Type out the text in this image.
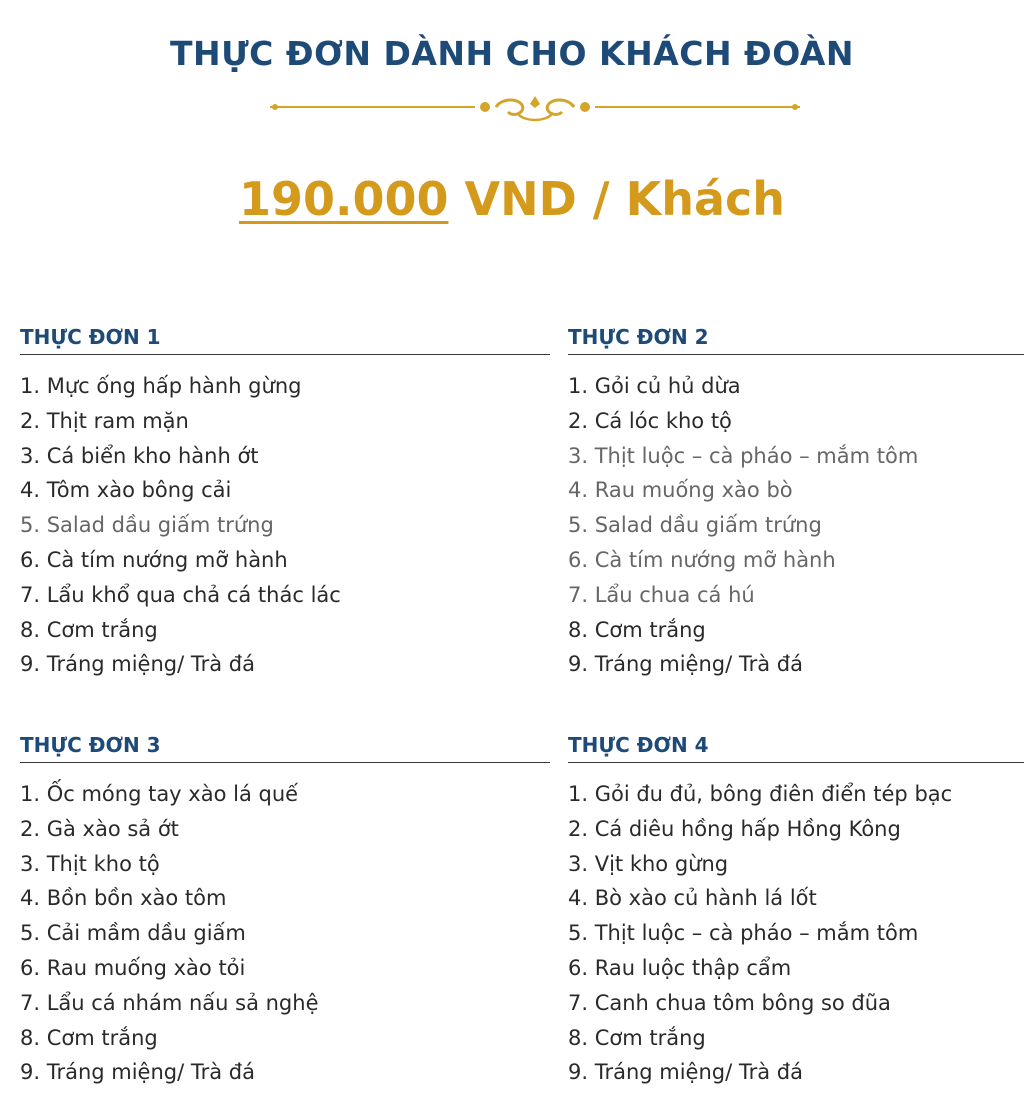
THỰC ĐƠN DÀNH CHO KHÁCH ĐOÀN
190.000 VND / Khách
THỰC ĐƠN 1
1. Mực ống hấp hành gừng
2. Thịt ram mặn
3. Cá biển kho hành ớt
4. Tôm xào bông cải
5. Salad dầu giấm trứng
6. Cà tím nướng mỡ hành
7. Lẩu khổ qua chả cá thác lác
8. Cơm trắng
9. Tráng miệng/ Trà đá
THỰC ĐƠN 2
1. Gỏi củ hủ dừa
2. Cá lóc kho tộ
3. Thịt luộc – cà pháo – mắm tôm
4. Rau muống xào bò
5. Salad dầu giấm trứng
6. Cà tím nướng mỡ hành
7. Lẩu chua cá hú
8. Cơm trắng
9. Tráng miệng/ Trà đá
THỰC ĐƠN 3
1. Ốc móng tay xào lá quế
2. Gà xào sả ớt
3. Thịt kho tộ
4. Bồn bồn xào tôm
5. Cải mầm dầu giấm
6. Rau muống xào tỏi
7. Lẩu cá nhám nấu sả nghệ
8. Cơm trắng
9. Tráng miệng/ Trà đá
THỰC ĐƠN 4
1. Gỏi đu đủ, bông điên điển tép bạc
2. Cá diêu hồng hấp Hồng Kông
3. Vịt kho gừng
4. Bò xào củ hành lá lốt
5. Thịt luộc – cà pháo – mắm tôm
6. Rau luộc thập cẩm
7. Canh chua tôm bông so đũa
8. Cơm trắng
9. Tráng miệng/ Trà đá
